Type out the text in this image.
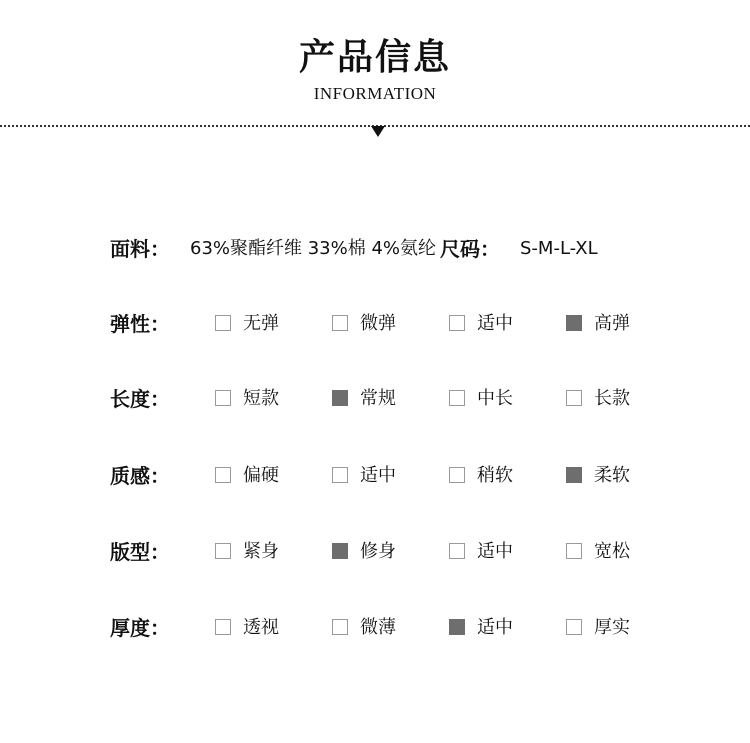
产品信息
INFORMATION
面料： 63%聚酯纤维 33%棉 4%氨纶 尺码： S-M-L-XL
弹性：	无弹	微弹	适中	高弹
长度：	短款	常规	中长	长款
质感：	偏硬	适中	稍软	柔软
版型：	紧身	修身	适中	宽松
厚度：	透视	微薄	适中	厚实
